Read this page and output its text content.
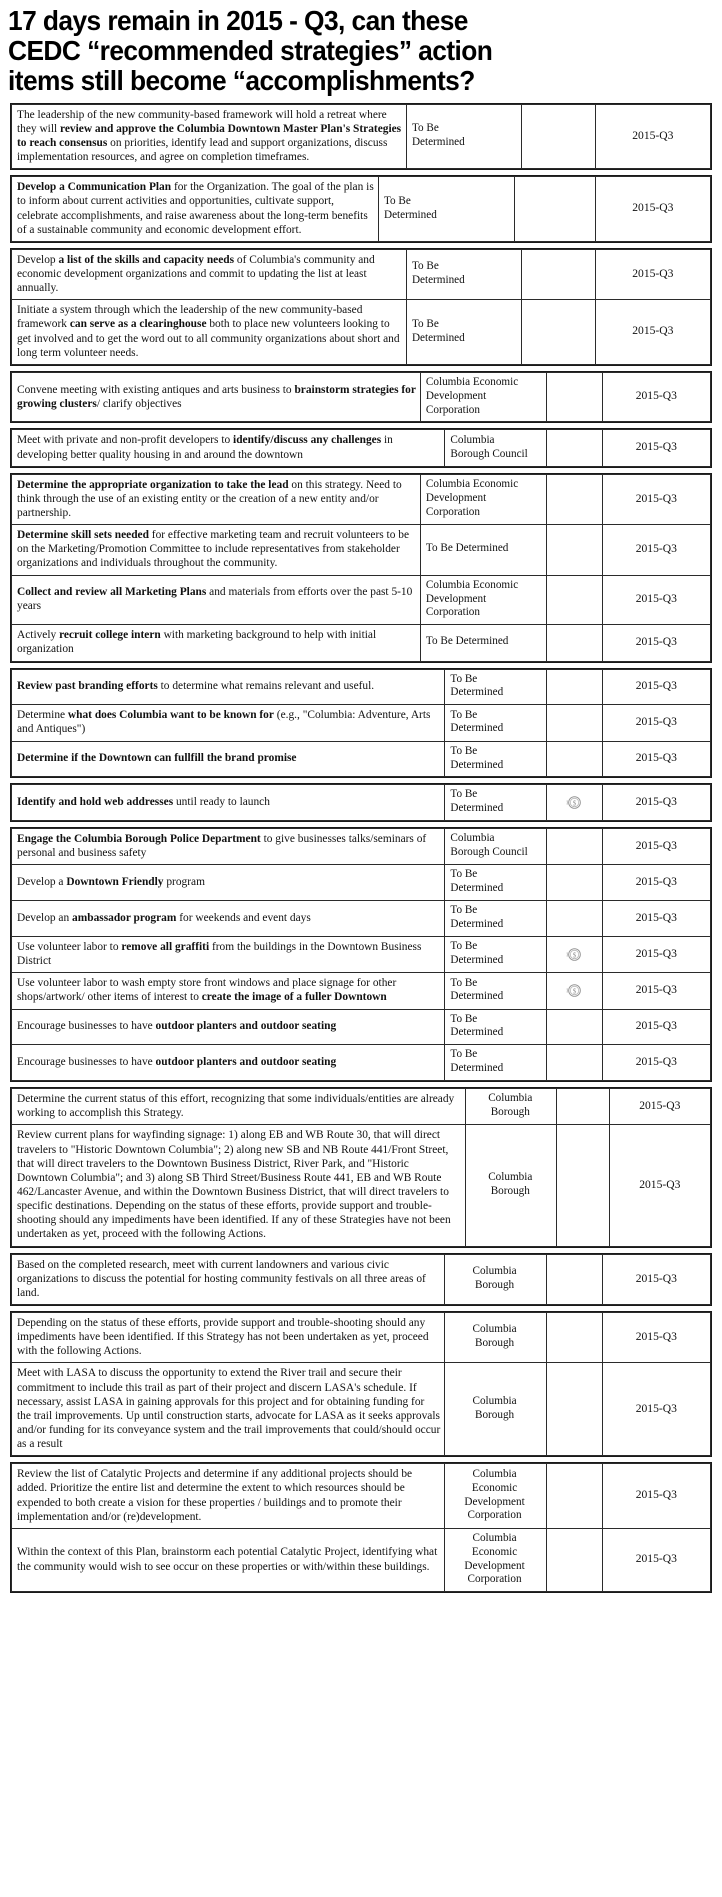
17 days remain in 2015 - Q3, can these
CEDC “recommended strategies” action
items still become “accomplishments?
The leadership of the new community-based framework will hold a retreat where they will review and approve the Columbia Downtown Master Plan's Strategies to reach consensus on priorities, identify lead and support organizations, discuss implementation resources, and agree on completion timeframes.	To Be
Determined		2015-Q3
Develop a Communication Plan for the Organization. The goal of the plan is to inform about current activities and opportunities, cultivate support, celebrate accomplishments, and raise awareness about the long-term benefits of a sustainable community and economic development effort.	To Be
Determined		2015-Q3
Develop a list of the skills and capacity needs of Columbia's community and economic development organizations and commit to updating the list at least annually.	To Be
Determined		2015-Q3
Initiate a system through which the leadership of the new community-based framework can serve as a clearinghouse both to place new volunteers looking to get involved and to get the word out to all community organizations about short and long term volunteer needs.	To Be
Determined		2015-Q3
Convene meeting with existing antiques and arts business to brainstorm strategies for growing clusters/ clarify objectives	Columbia Economic Development Corporation		2015-Q3
Meet with private and non-profit developers to identify/discuss any challenges in developing better quality housing in and around the downtown	Columbia
Borough Council		2015-Q3
Determine the appropriate organization to take the lead on this strategy. Need to think through the use of an existing entity or the creation of a new entity and/or partnership.	Columbia Economic Development Corporation		2015-Q3
Determine skill sets needed for effective marketing team and recruit volunteers to be on the Marketing/Promotion Committee to include representatives from stakeholder organizations and individuals throughout the community.	To Be Determined		2015-Q3
Collect and review all Marketing Plans and materials from efforts over the past 5-10 years	Columbia Economic Development Corporation		2015-Q3
Actively recruit college intern with marketing background to help with initial organization	To Be Determined		2015-Q3
Review past branding efforts to determine what remains relevant and useful.	To Be
Determined		2015-Q3
Determine what does Columbia want to be known for (e.g., "Columbia: Adventure, Arts and Antiques")	To Be
Determined		2015-Q3
Determine if the Downtown can fullfill the brand promise	To Be
Determined		2015-Q3
Identify and hold web addresses until ready to launch	To Be
Determined	$	2015-Q3
Engage the Columbia Borough Police Department to give businesses talks/seminars of personal and business safety	Columbia
Borough Council		2015-Q3
Develop a Downtown Friendly program	To Be
Determined		2015-Q3
Develop an ambassador program for weekends and event days	To Be
Determined		2015-Q3
Use volunteer labor to remove all graffiti from the buildings in the Downtown Business District	To Be
Determined	$	2015-Q3
Use volunteer labor to wash empty store front windows and place signage for other shops/artwork/ other items of interest to create the image of a fuller Downtown	To Be
Determined	$	2015-Q3
Encourage businesses to have outdoor planters and outdoor seating	To Be
Determined		2015-Q3
Encourage businesses to have outdoor planters and outdoor seating	To Be
Determined		2015-Q3
Determine the current status of this effort, recognizing that some individuals/entities are already working to accomplish this Strategy.	Columbia
Borough		2015-Q3
Review current plans for wayfinding signage: 1) along EB and WB Route 30, that will direct travelers to "Historic Downtown Columbia"; 2) along new SB and NB Route 441/Front Street, that will direct travelers to the Downtown Business District, River Park, and "Historic Downtown Columbia"; and 3) along SB Third Street/Business Route 441, EB and WB Route 462/Lancaster Avenue, and within the Downtown Business District, that will direct travelers to specific destinations. Depending on the status of these efforts, provide support and trouble-shooting should any impediments have been identified. If any of these Strategies have not been undertaken as yet, proceed with the following Actions.	Columbia
Borough		2015-Q3
Based on the completed research, meet with current landowners and various civic organizations to discuss the potential for hosting community festivals on all three areas of land.	Columbia
Borough		2015-Q3
Depending on the status of these efforts, provide support and trouble-shooting should any impediments have been identified. If this Strategy has not been undertaken as yet, proceed with the following Actions.	Columbia
Borough		2015-Q3
Meet with LASA to discuss the opportunity to extend the River trail and secure their commitment to include this trail as part of their project and discern LASA's schedule. If necessary, assist LASA in gaining approvals for this project and for obtaining funding for the trail improvements. Up until construction starts, advocate for LASA as it seeks approvals and/or funding for its conveyance system and the trail improvements that could/should occur as a result	Columbia
Borough		2015-Q3
Review the list of Catalytic Projects and determine if any additional projects should be added. Prioritize the entire list and determine the extent to which resources should be expended to both create a vision for these properties / buildings and to promote their implementation and/or (re)development.	Columbia
Economic
Development
Corporation		2015-Q3
Within the context of this Plan, brainstorm each potential Catalytic Project, identifying what the community would wish to see occur on these properties or with/within these buildings.	Columbia
Economic
Development
Corporation		2015-Q3
